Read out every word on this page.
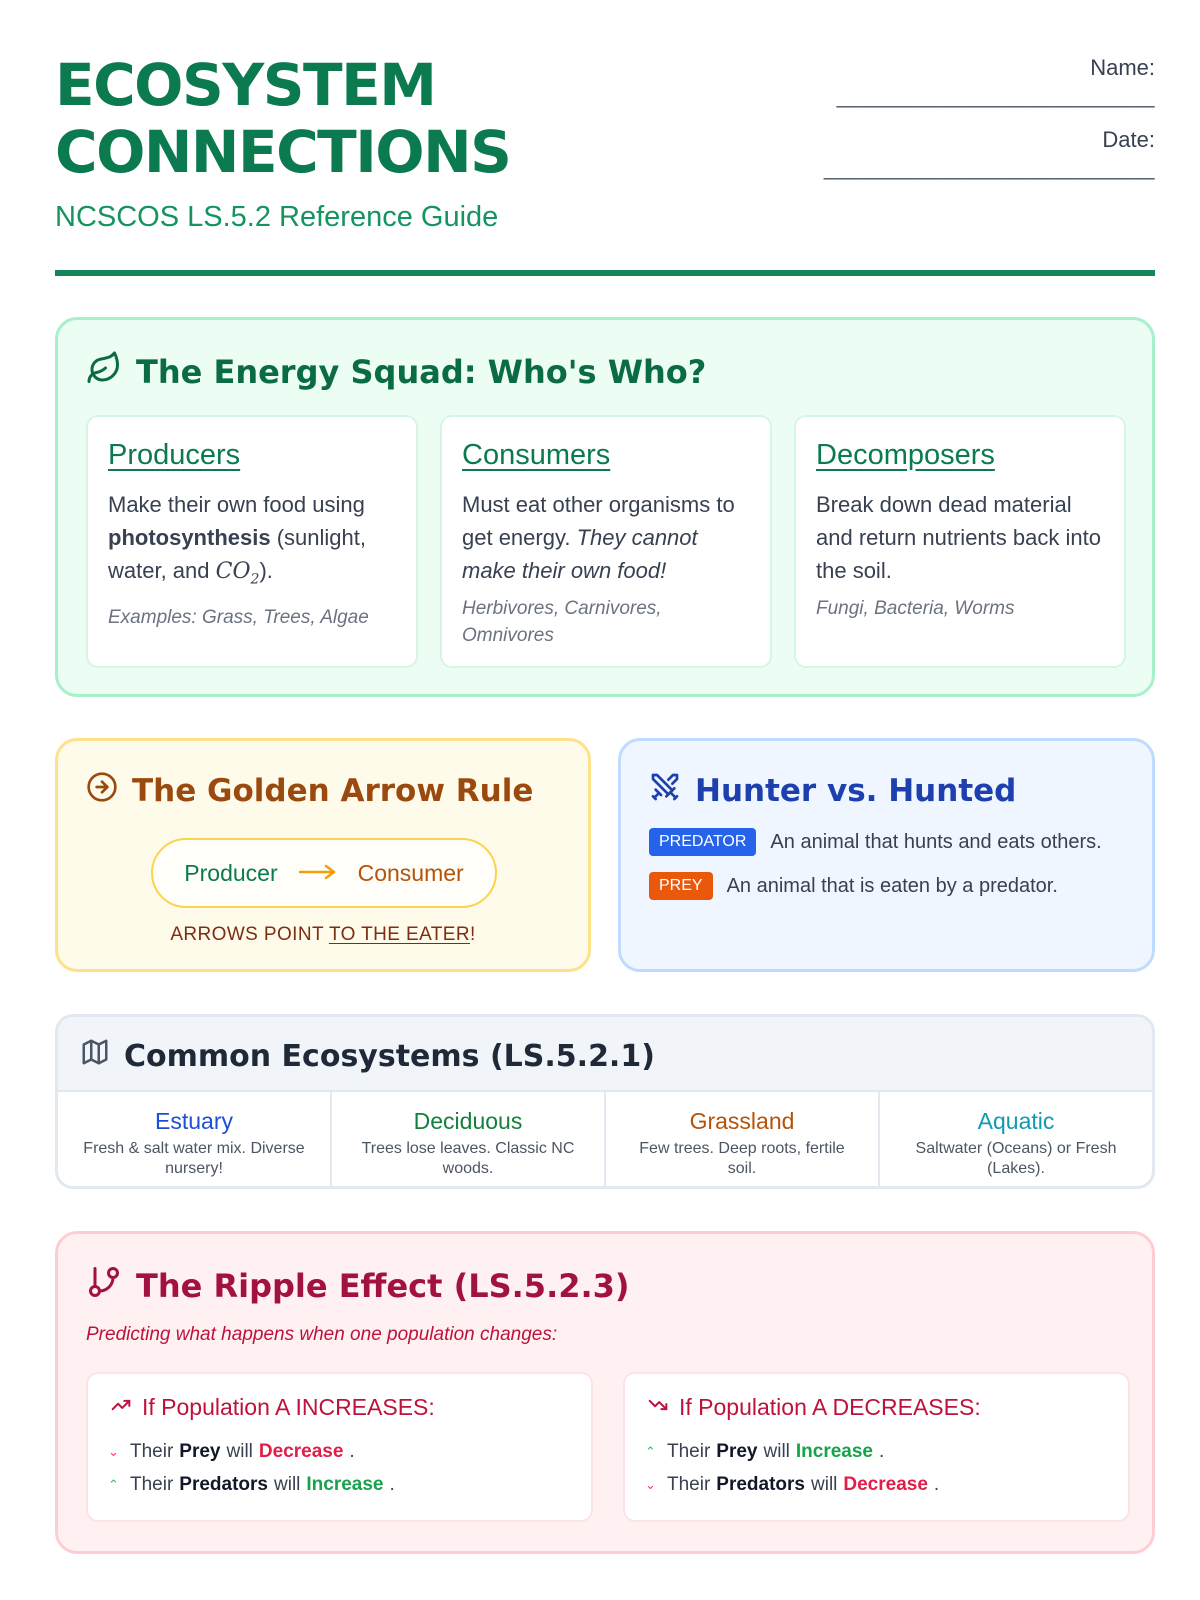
ECOSYSTEM
CONNECTIONS
NCSCOS LS.5.2 Reference Guide
Name:
_________________________
Date:
__________________________
The Energy Squad: Who's Who?
Producers

Make their own food using photosynthesis (sunlight, water, and $CO_2$).

Examples: Grass, Trees, Algae
Consumers

Must eat other organisms to get energy. They cannot make their own food!

Herbivores, Carnivores, Omnivores
Decomposers

Break down dead material and return nutrients back into the soil.

Fungi, Bacteria, Worms
The Golden Arrow Rule
Producer	Consumer
ARROWS POINT TO THE EATER!
Hunter vs. Hunted
PREDATOR	An animal that hunts and eats others.
PREY	An animal that is eaten by a predator.
Common Ecosystems (LS.5.2.1)
Estuary
Fresh & salt water mix. Diverse nursery!
Deciduous
Trees lose leaves. Classic NC woods.
Grassland
Few trees. Deep roots, fertile soil.
Aquatic
Saltwater (Oceans) or Fresh (Lakes).
The Ripple Effect (LS.5.2.3)
Predicting what happens when one population changes:
If Population A INCREASES:
⌄ Their Prey will Decrease .
⌃ Their Predators will Increase .
If Population A DECREASES:
⌃ Their Prey will Increase .
⌄ Their Predators will Decrease .
